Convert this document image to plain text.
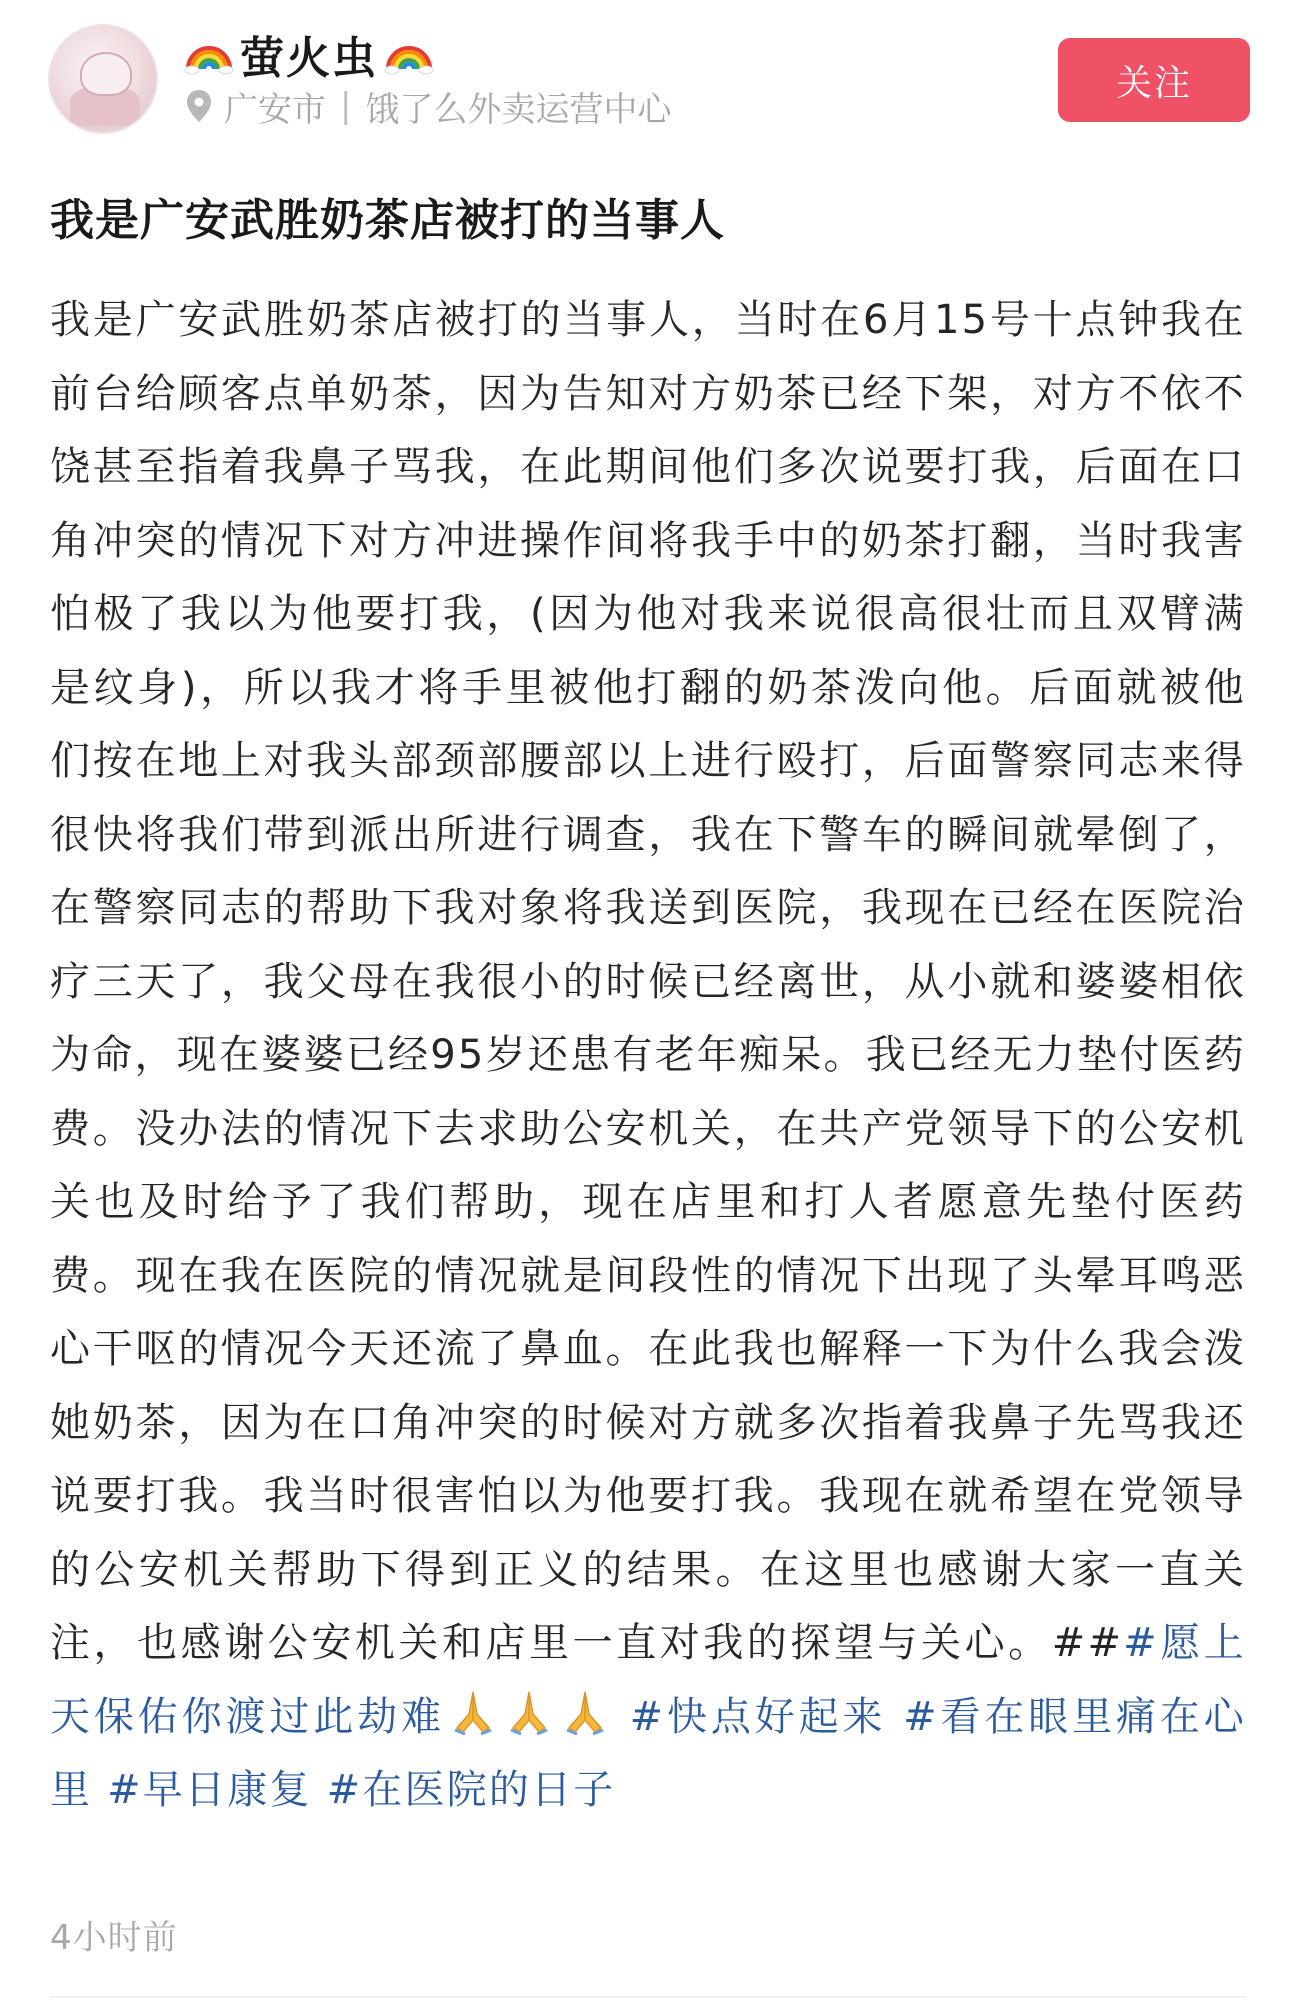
萤火虫
广安市 | 饿了么外卖运营中心
关注
我是广安武胜奶茶店被打的当事人
我是广安武胜奶茶店被打的当事人，当时在6月15号十点钟我在前台给顾客点单奶茶，因为告知对方奶茶已经下架，对方不依不饶甚至指着我鼻子骂我，在此期间他们多次说要打我，后面在口角冲突的情况下对方冲进操作间将我手中的奶茶打翻，当时我害怕极了我以为他要打我，(因为他对我来说很高很壮而且双臂满是纹身)，所以我才将手里被他打翻的奶茶泼向他。后面就被他们按在地上对我头部颈部腰部以上进行殴打，后面警察同志来得很快将我们带到派出所进行调查，我在下警车的瞬间就晕倒了，在警察同志的帮助下我对象将我送到医院，我现在已经在医院治疗三天了，我父母在我很小的时候已经离世，从小就和婆婆相依为命，现在婆婆已经95岁还患有老年痴呆。我已经无力垫付医药费。没办法的情况下去求助公安机关，在共产党领导下的公安机关也及时给予了我们帮助，现在店里和打人者愿意先垫付医药费。现在我在医院的情况就是间段性的情况下出现了头晕耳鸣恶心干呕的情况今天还流了鼻血。在此我也解释一下为什么我会泼她奶茶，因为在口角冲突的时候对方就多次指着我鼻子先骂我还说要打我。我当时很害怕以为他要打我。我现在就希望在党领导的公安机关帮助下得到正义的结果。在这里也感谢大家一直关注，也感谢公安机关和店里一直对我的探望与关心。###愿上天保佑你渡过此劫难	#快点好起来 #看在眼里痛在心里 #早日康复 #在医院的日子
4小时前
